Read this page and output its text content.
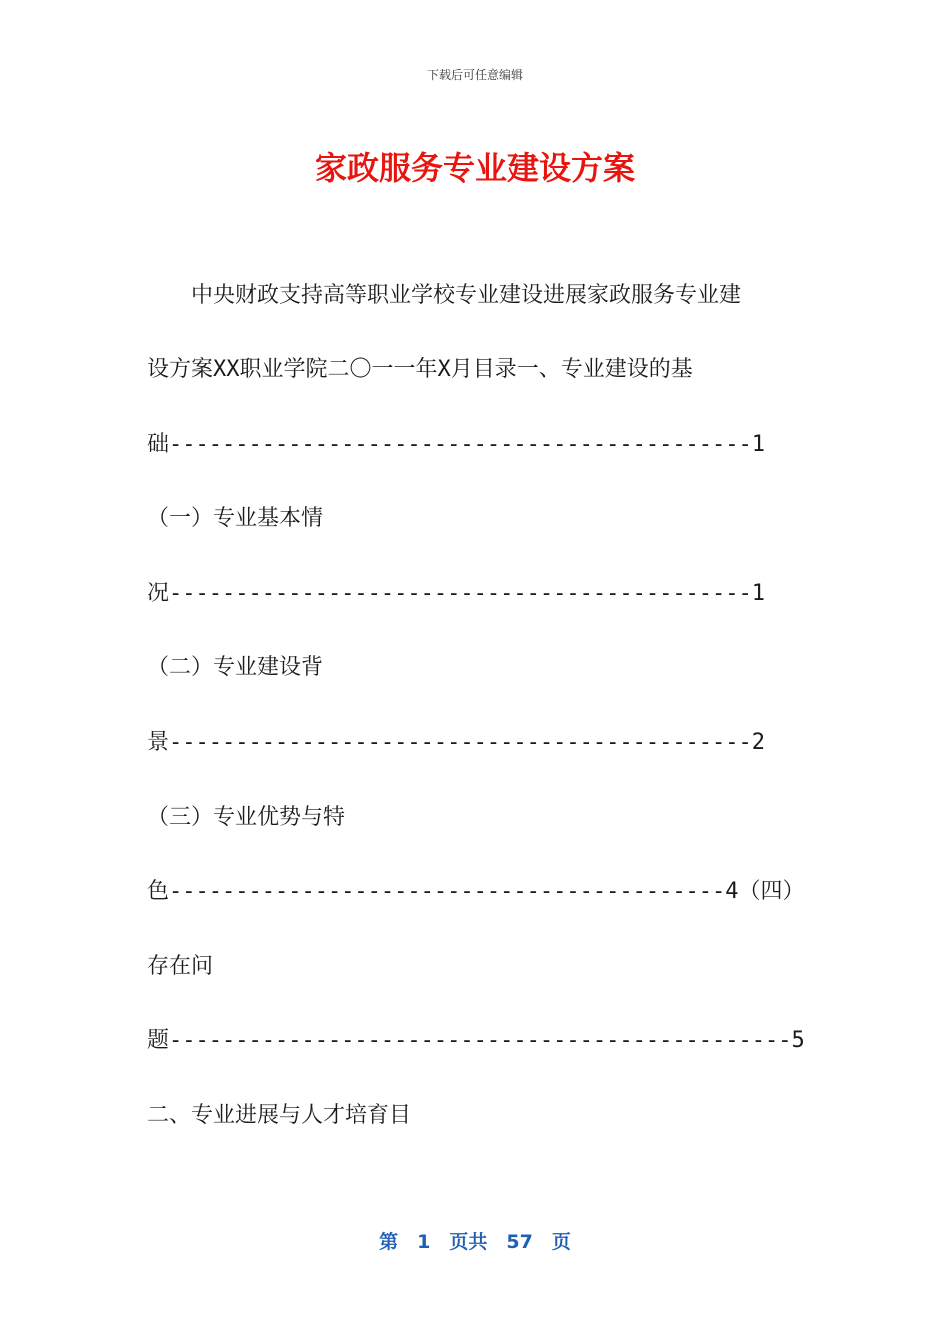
下载后可任意编辑
家政服务专业建设方案
　　中央财政支持高等职业学校专业建设进展家政服务专业建
设方案XX职业学院二〇一一年X月目录一、专业建设的基
础--------------------------------------------1
（一）专业基本情
况--------------------------------------------1
（二）专业建设背
景--------------------------------------------2
（三）专业优势与特
色------------------------------------------4（四）
存在问
题-----------------------------------------------5
二、专业进展与人才培育目
第　1　页共　57　页
